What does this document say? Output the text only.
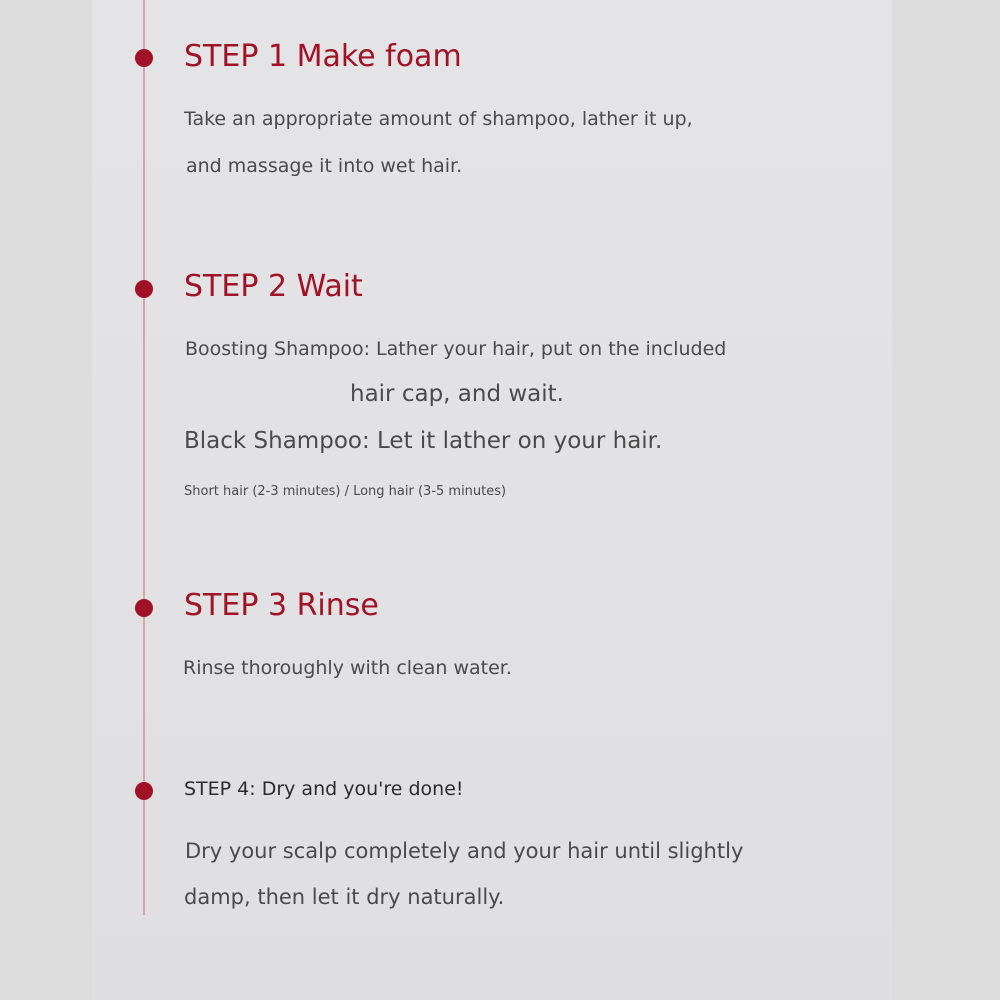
STEP 1 Make foam

Take an appropriate amount of shampoo, lather it up,

and massage it into wet hair.

STEP 2 Wait

Boosting Shampoo: Lather your hair, put on the included

hair cap, and wait.

Black Shampoo: Let it lather on your hair.

Short hair (2-3 minutes) / Long hair (3-5 minutes)

STEP 3 Rinse

Rinse thoroughly with clean water.

STEP 4: Dry and you're done!

Dry your scalp completely and your hair until slightly

damp, then let it dry naturally.
